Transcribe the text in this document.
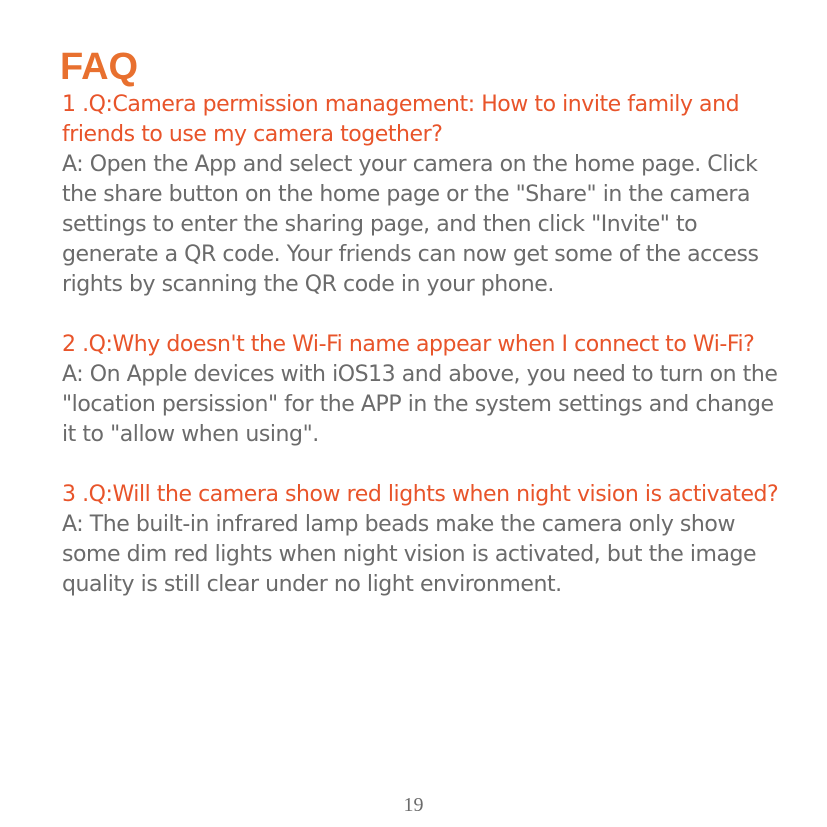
FAQ

1 .Q:Camera permission management: How to invite family and friends to use my camera together?

A: Open the App and select your camera on the home page. Click the share button on the home page or the "Share" in the camera settings to enter the sharing page, and then click "Invite" to generate a QR code. Your friends can now get some of the access rights by scanning the QR code in your phone.

2 .Q:Why doesn't the Wi-Fi name appear when I connect to Wi-Fi?

A: On Apple devices with iOS13 and above, you need to turn on the "location persission" for the APP in the system settings and change it to "allow when using".

3 .Q:Will the camera show red lights when night vision is activated?

A: The built-in infrared lamp beads make the camera only show some dim red lights when night vision is activated, but the image quality is still clear under no light environment.

19
